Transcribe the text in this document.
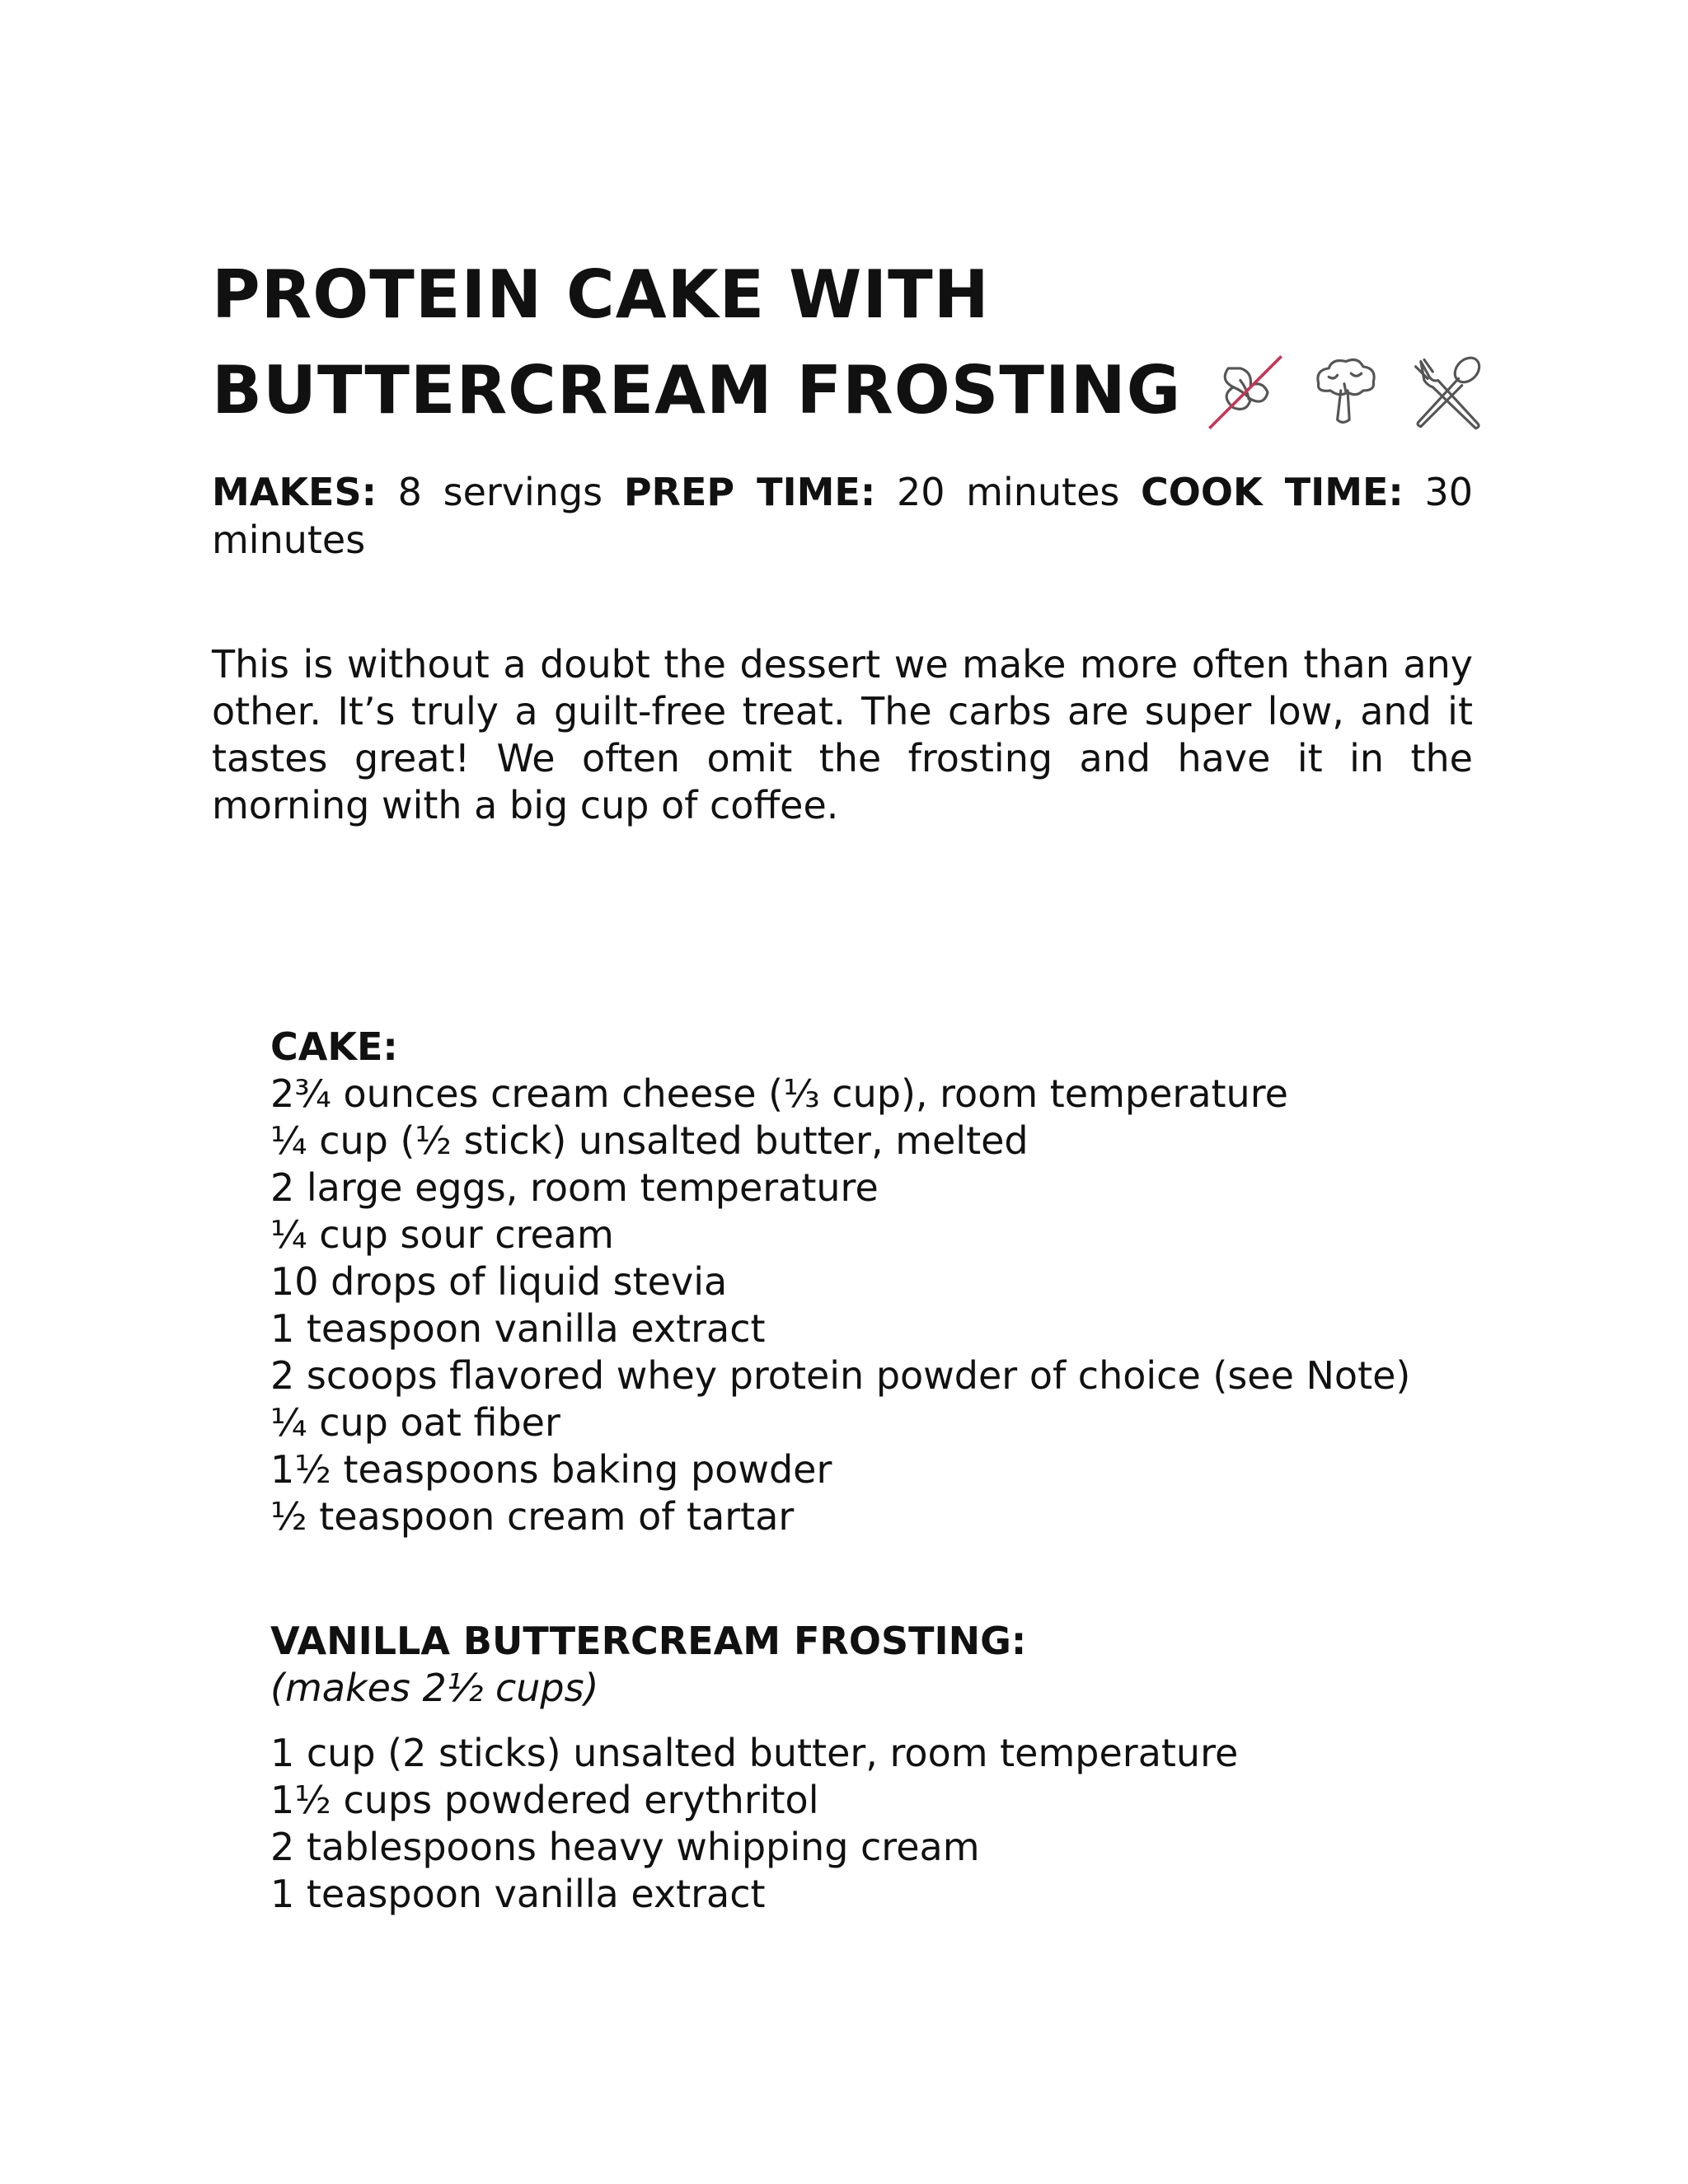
PROTEIN CAKE WITH
BUTTERCREAM FROSTING
MAKES: 8 servings PREP TIME: 20 minutes COOK TIME: 30 minutes

This is without a doubt the dessert we make more often than any other. It’s truly a guilt-free treat. The carbs are super low, and it tastes great! We often omit the frosting and have it in the morning with a big cup of coffee.

CAKE:
2¾ ounces cream cheese (⅓ cup), room temperature
¼ cup (½ stick) unsalted butter, melted
2 large eggs, room temperature
¼ cup sour cream
10 drops of liquid stevia
1 teaspoon vanilla extract
2 scoops flavored whey protein powder of choice (see Note)
¼ cup oat fiber
1½ teaspoons baking powder
½ teaspoon cream of tartar
VANILLA BUTTERCREAM FROSTING:
(makes 2½ cups)
1 cup (2 sticks) unsalted butter, room temperature
1½ cups powdered erythritol
2 tablespoons heavy whipping cream
1 teaspoon vanilla extract
